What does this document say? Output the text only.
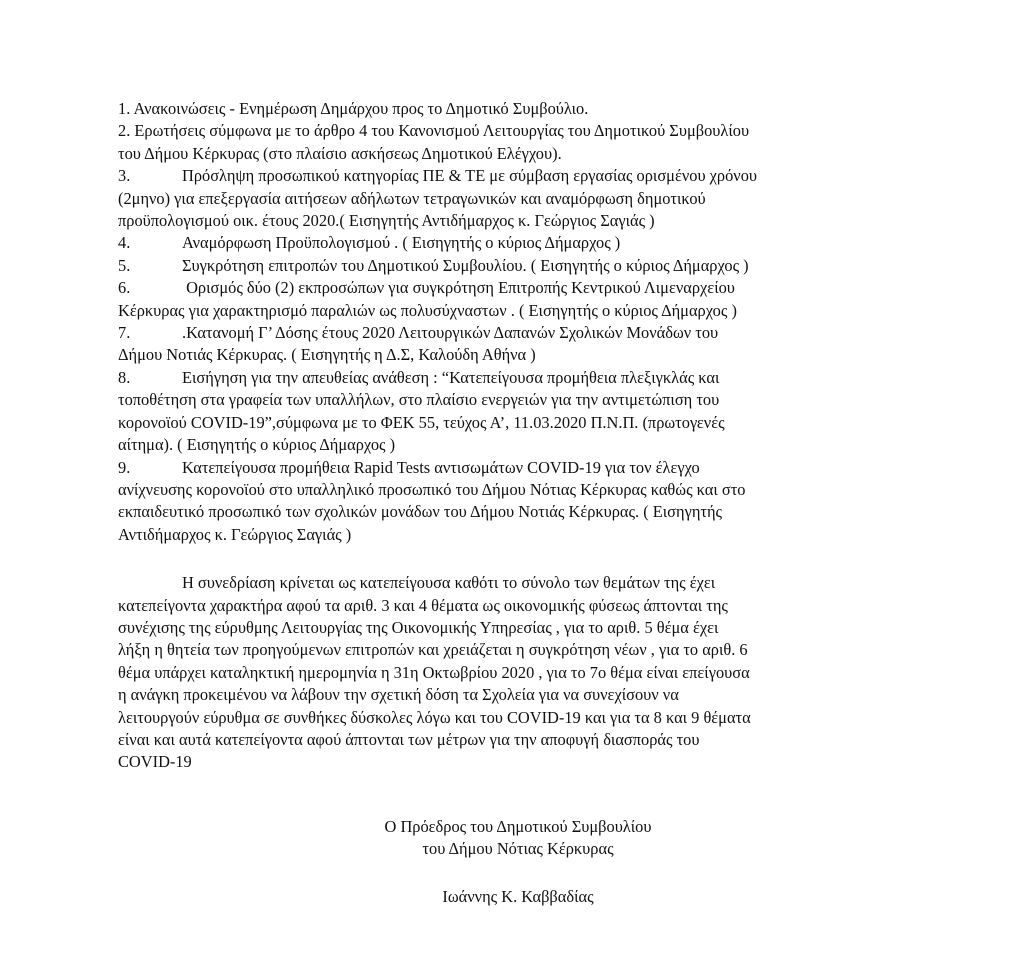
1. Ανακοινώσεις - Ενημέρωση Δημάρχου προς το Δημοτικό Συμβούλιο.
2. Ερωτήσεις σύμφωνα με το άρθρο 4 του Κανονισμού Λειτουργίας του Δημοτικού Συμβουλίου
του Δήμου Κέρκυρας (στο πλαίσιο ασκήσεως Δημοτικού Ελέγχου).
3.	Πρόσληψη προσωπικού κατηγορίας ΠΕ & ΤΕ με σύμβαση εργασίας ορισμένου χρόνου
(2μηνο) για επεξεργασία αιτήσεων αδήλωτων τετραγωνικών και αναμόρφωση δημοτικού
προϋπολογισμού οικ. έτους 2020.( Εισηγητής Αντιδήμαρχος κ. Γεώργιος Σαγιάς )
4.	Αναμόρφωση Προϋπολογισμού . ( Εισηγητής ο κύριος Δήμαρχος )
5.	Συγκρότηση επιτροπών του Δημοτικού Συμβουλίου. ( Εισηγητής ο κύριος Δήμαρχος )
6.	Ορισμός δύο (2) εκπροσώπων για συγκρότηση Επιτροπής Κεντρικού Λιμεναρχείου
Κέρκυρας για χαρακτηρισμό παραλιών ως πολυσύχναστων . ( Εισηγητής ο κύριος Δήμαρχος )
7.	.Κατανομή Γ’ Δόσης έτους 2020 Λειτουργικών Δαπανών Σχολικών Μονάδων του
Δήμου Νοτιάς Κέρκυρας. ( Εισηγητής η Δ.Σ, Καλούδη Αθήνα )
8.	Εισήγηση για την απευθείας ανάθεση : “Κατεπείγουσα προμήθεια πλεξιγκλάς και
τοποθέτηση στα γραφεία των υπαλλήλων, στο πλαίσιο ενεργειών για την αντιμετώπιση του
κορονοϊού COVID-19”,σύμφωνα με το ΦΕΚ 55, τεύχος Α’, 11.03.2020 Π.Ν.Π. (πρωτογενές
αίτημα). ( Εισηγητής ο κύριος Δήμαρχος )
9.	Κατεπείγουσα προμήθεια Rapid Tests αντισωμάτων COVID-19 για τον έλεγχο
ανίχνευσης κορονοϊού στο υπαλληλικό προσωπικό του Δήμου Νότιας Κέρκυρας καθώς και στο
εκπαιδευτικό προσωπικό των σχολικών μονάδων του Δήμου Νοτιάς Κέρκυρας. ( Εισηγητής
Αντιδήμαρχος κ. Γεώργιος Σαγιάς )
Η συνεδρίαση κρίνεται ως κατεπείγουσα καθότι το σύνολο των θεμάτων της έχει
κατεπείγοντα χαρακτήρα αφού τα αριθ. 3 και 4 θέματα ως οικονομικής φύσεως άπτονται της
συνέχισης της εύρυθμης Λειτουργίας της Οικονομικής Υπηρεσίας , για το αριθ. 5 θέμα έχει
λήξη η θητεία των προηγούμενων επιτροπών και χρειάζεται η συγκρότηση νέων , για το αριθ. 6
θέμα υπάρχει καταληκτική ημερομηνία η 31η Οκτωβρίου 2020 , για το 7ο θέμα είναι επείγουσα
η ανάγκη προκειμένου να λάβουν την σχετική δόση τα Σχολεία για να συνεχίσουν να
λειτουργούν εύρυθμα σε συνθήκες δύσκολες λόγω και του COVID-19 και για τα 8 και 9 θέματα
είναι και αυτά κατεπείγοντα αφού άπτονται των μέτρων για την αποφυγή διασποράς του
COVID-19
Ο Πρόεδρος του Δημοτικού Συμβουλίου
του Δήμου Νότιας Κέρκυρας
Ιωάννης Κ. Καββαδίας
